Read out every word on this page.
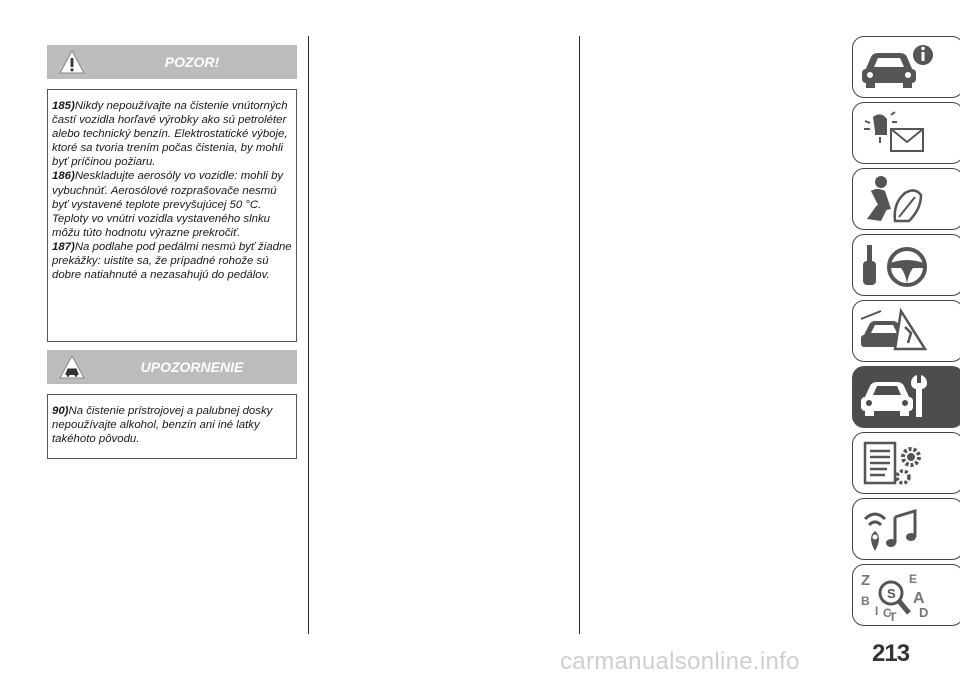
POZOR!

185)Nikdy nepoužívajte na čistenie vnútorných častí vozidla horľavé výrobky ako sú petroléter alebo technický benzín. Elektrostatické výboje, ktoré sa tvoria trením počas čistenia, by mohli byť príčinou požiaru.

186)Neskladujte aerosóly vo vozidle: mohli by vybuchnúť. Aerosólové rozprašovače nesmú byť vystavené teplote prevyšujúcej 50 °C. Teploty vo vnútri vozidla vystaveného slnku môžu túto hodnotu výrazne prekročiť.

187)Na podlahe pod pedálmi nesmú byť žiadne prekážky: uistite sa, že prípadné rohože sú dobre natiahnuté a nezasahujú do pedálov.

UPOZORNENIE

90)Na čistenie prístrojovej a palubnej dosky nepoužívajte alkohol, benzín ani iné latky takéhoto pôvodu.

Z	E
B	A
I C
T D
S
213
carmanualsonline.info
